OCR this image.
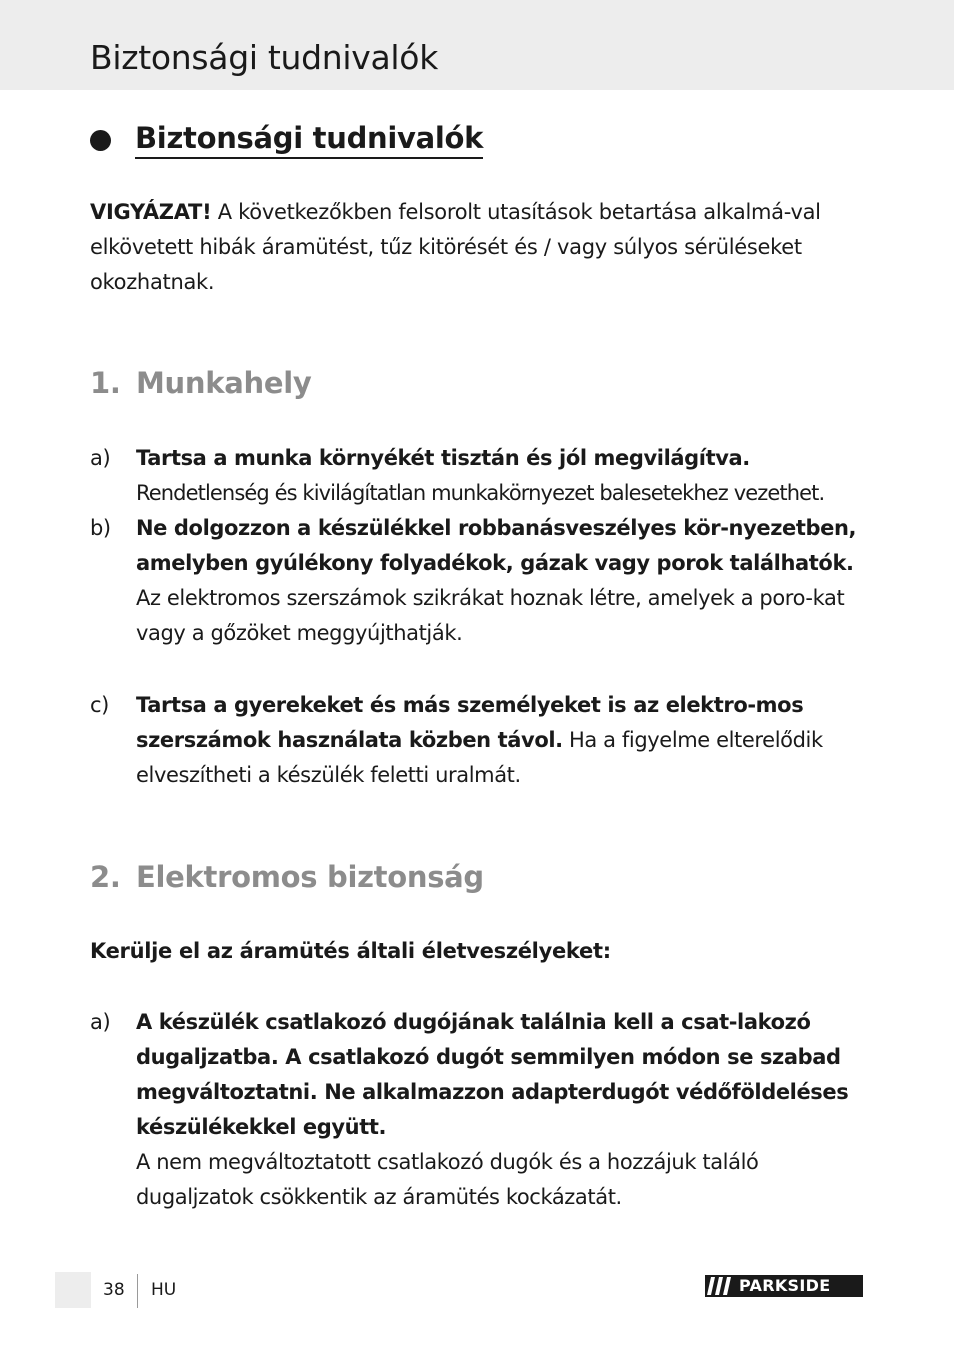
Biztonsági tudnivalók
Biztonsági tudnivalók
VIGYÁZAT! A következőkben felsorolt utasítások betartása alkalmá-val elkövetett hibák áramütést, tűz kitörését és / vagy súlyos sérüléseket okozhatnak.
1. Munkahely
a)	Tartsa a munka környékét tisztán és jól megvilágítva.
Rendetlenség és kivilágítatlan munkakörnyezet balesetekhez vezethet.
b)	Ne dolgozzon a készülékkel robbanásveszélyes kör-nyezetben, amelyben gyúlékony folyadékok, gázak vagy porok találhatók.
Az elektromos szerszámok szikrákat hoznak létre, amelyek a poro-kat vagy a gőzöket meggyújthatják.
c)	Tartsa a gyerekeket és más személyeket is az elektro-mos szerszámok használata közben távol. Ha a figyelme elterelődik elveszítheti a készülék feletti uralmát.
2. Elektromos biztonság
Kerülje el az áramütés általi életveszélyeket:
a)	A készülék csatlakozó dugójának találnia kell a csat-lakozó dugaljzatba. A csatlakozó dugót semmilyen módon se szabad megváltoztatni. Ne alkalmazzon adapterdugót védőföldeléses készülékekkel együtt.
A nem megváltoztatott csatlakozó dugók és a hozzájuk találó dugaljzatok csökkentik az áramütés kockázatát.
38 HU	PARKSIDE
